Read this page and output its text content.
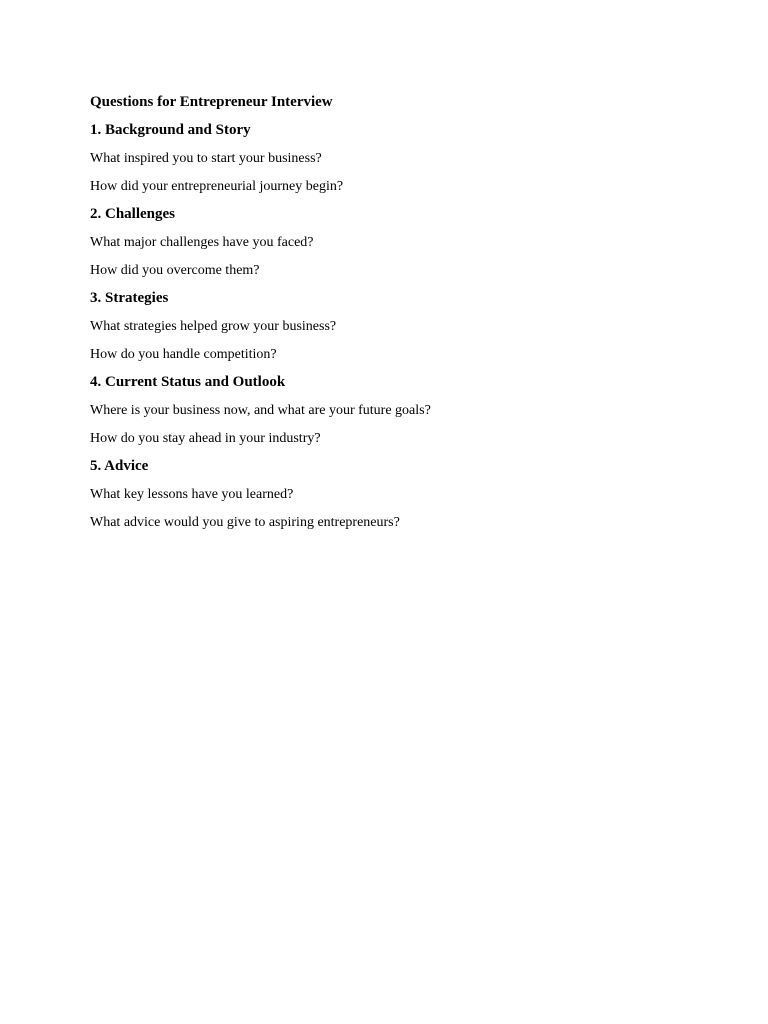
Questions for Entrepreneur Interview
1. Background and Story

What inspired you to start your business?

How did your entrepreneurial journey begin?

2. Challenges

What major challenges have you faced?

How did you overcome them?

3. Strategies

What strategies helped grow your business?

How do you handle competition?

4. Current Status and Outlook

Where is your business now, and what are your future goals?

How do you stay ahead in your industry?

5. Advice

What key lessons have you learned?

What advice would you give to aspiring entrepreneurs?
